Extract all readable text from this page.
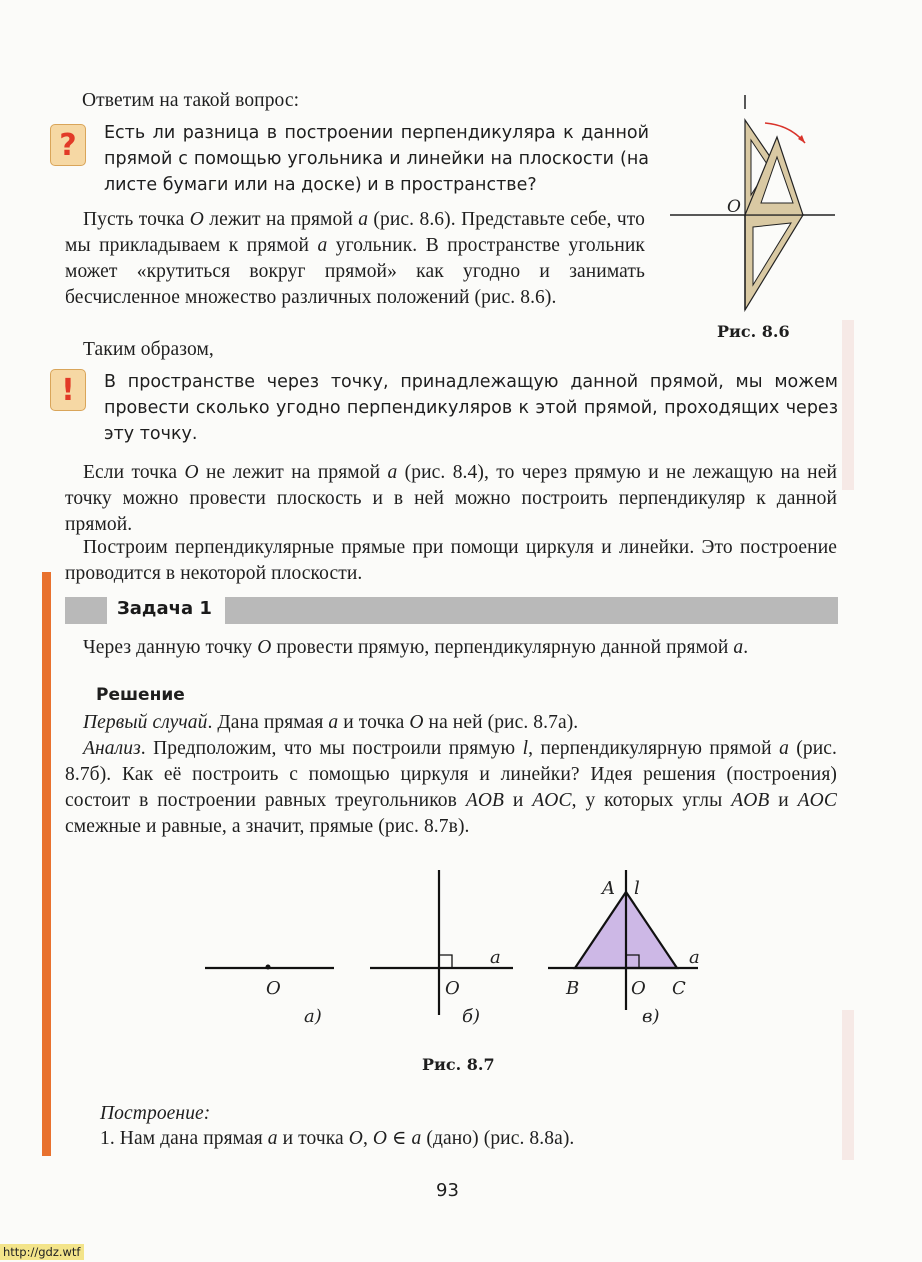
Ответим на такой вопрос:
?	Есть ли разница в построении перпендикуляра к данной прямой с помощью угольника и линейки на плоскости (на листе бумаги или на доске) и в пространстве?
Пусть точка O лежит на прямой a (рис. 8.6). Представьте себе, что мы прикладываем к прямой a угольник. В пространстве угольник может «крутиться вокруг прямой» как угодно и занимать бесчисленное множество различных положений (рис. 8.6).
Таким образом,
O
Рис. 8.6
!	В пространстве через точку, принадлежащую данной прямой, мы можем провести сколько угодно перпендикуляров к этой прямой, проходящих через эту точку.
Если точка O не лежит на прямой a (рис. 8.4), то через прямую и не лежащую на ней точку можно провести плоскость и в ней можно построить перпендикуляр к данной прямой.
Построим перпендикулярные прямые при помощи циркуля и линейки. Это построение проводится в некоторой плоскости.
Задача 1
Через данную точку O провести прямую, перпендикулярную данной прямой a.
Решение
Первый случай. Дана прямая a и точка O на ней (рис. 8.7а).
Анализ. Предположим, что мы построили прямую l, перпендикулярную прямой a (рис. 8.7б). Как её построить с помощью циркуля и линейки? Идея решения (построения) состоит в построении равных треугольников AOB и AOC, у которых углы AOB и AOC смежные и равные, а значит, прямые (рис. 8.7в).
O
а)
a
O
б)
A l
a
B	O C
в)
Рис. 8.7
Построение:
1. Нам дана прямая a и точка O, O ∈ a (дано) (рис. 8.8а).
93
http://gdz.wtf
